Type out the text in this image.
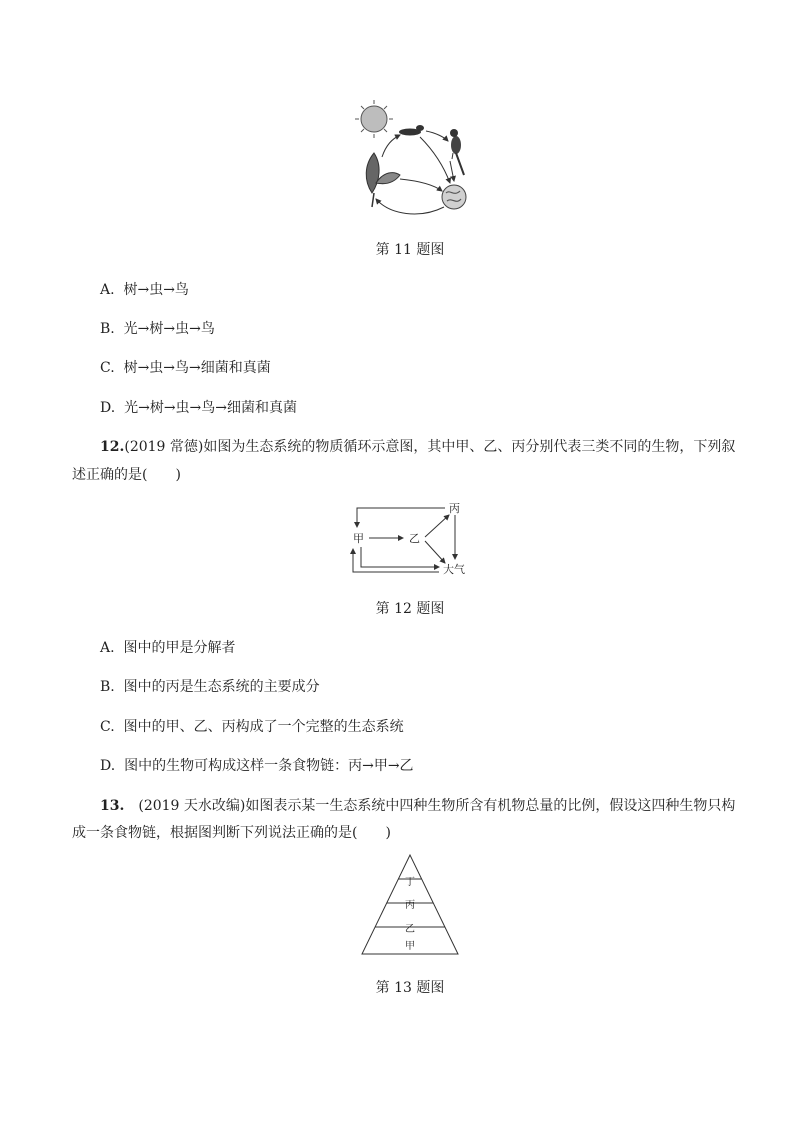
第 11 题图
A. 树→虫→鸟
B. 光→树→虫→鸟
C. 树→虫→鸟→细菌和真菌
D. 光→树→虫→鸟→细菌和真菌
12.(2019 常德)如图为生态系统的物质循环示意图，其中甲、乙、丙分别代表三类不同的生物，下列叙
述正确的是(　　)
丙
甲	乙
大气
第 12 题图
A. 图中的甲是分解者
B. 图中的丙是生态系统的主要成分
C. 图中的甲、乙、丙构成了一个完整的生态系统
D. 图中的生物可构成这样一条食物链：丙→甲→乙
13.　(2019 天水改编)如图表示某一生态系统中四种生物所含有机物总量的比例，假设这四种生物只构
成一条食物链，根据图判断下列说法正确的是(　　)
丁
丙
乙
甲
第 13 题图
